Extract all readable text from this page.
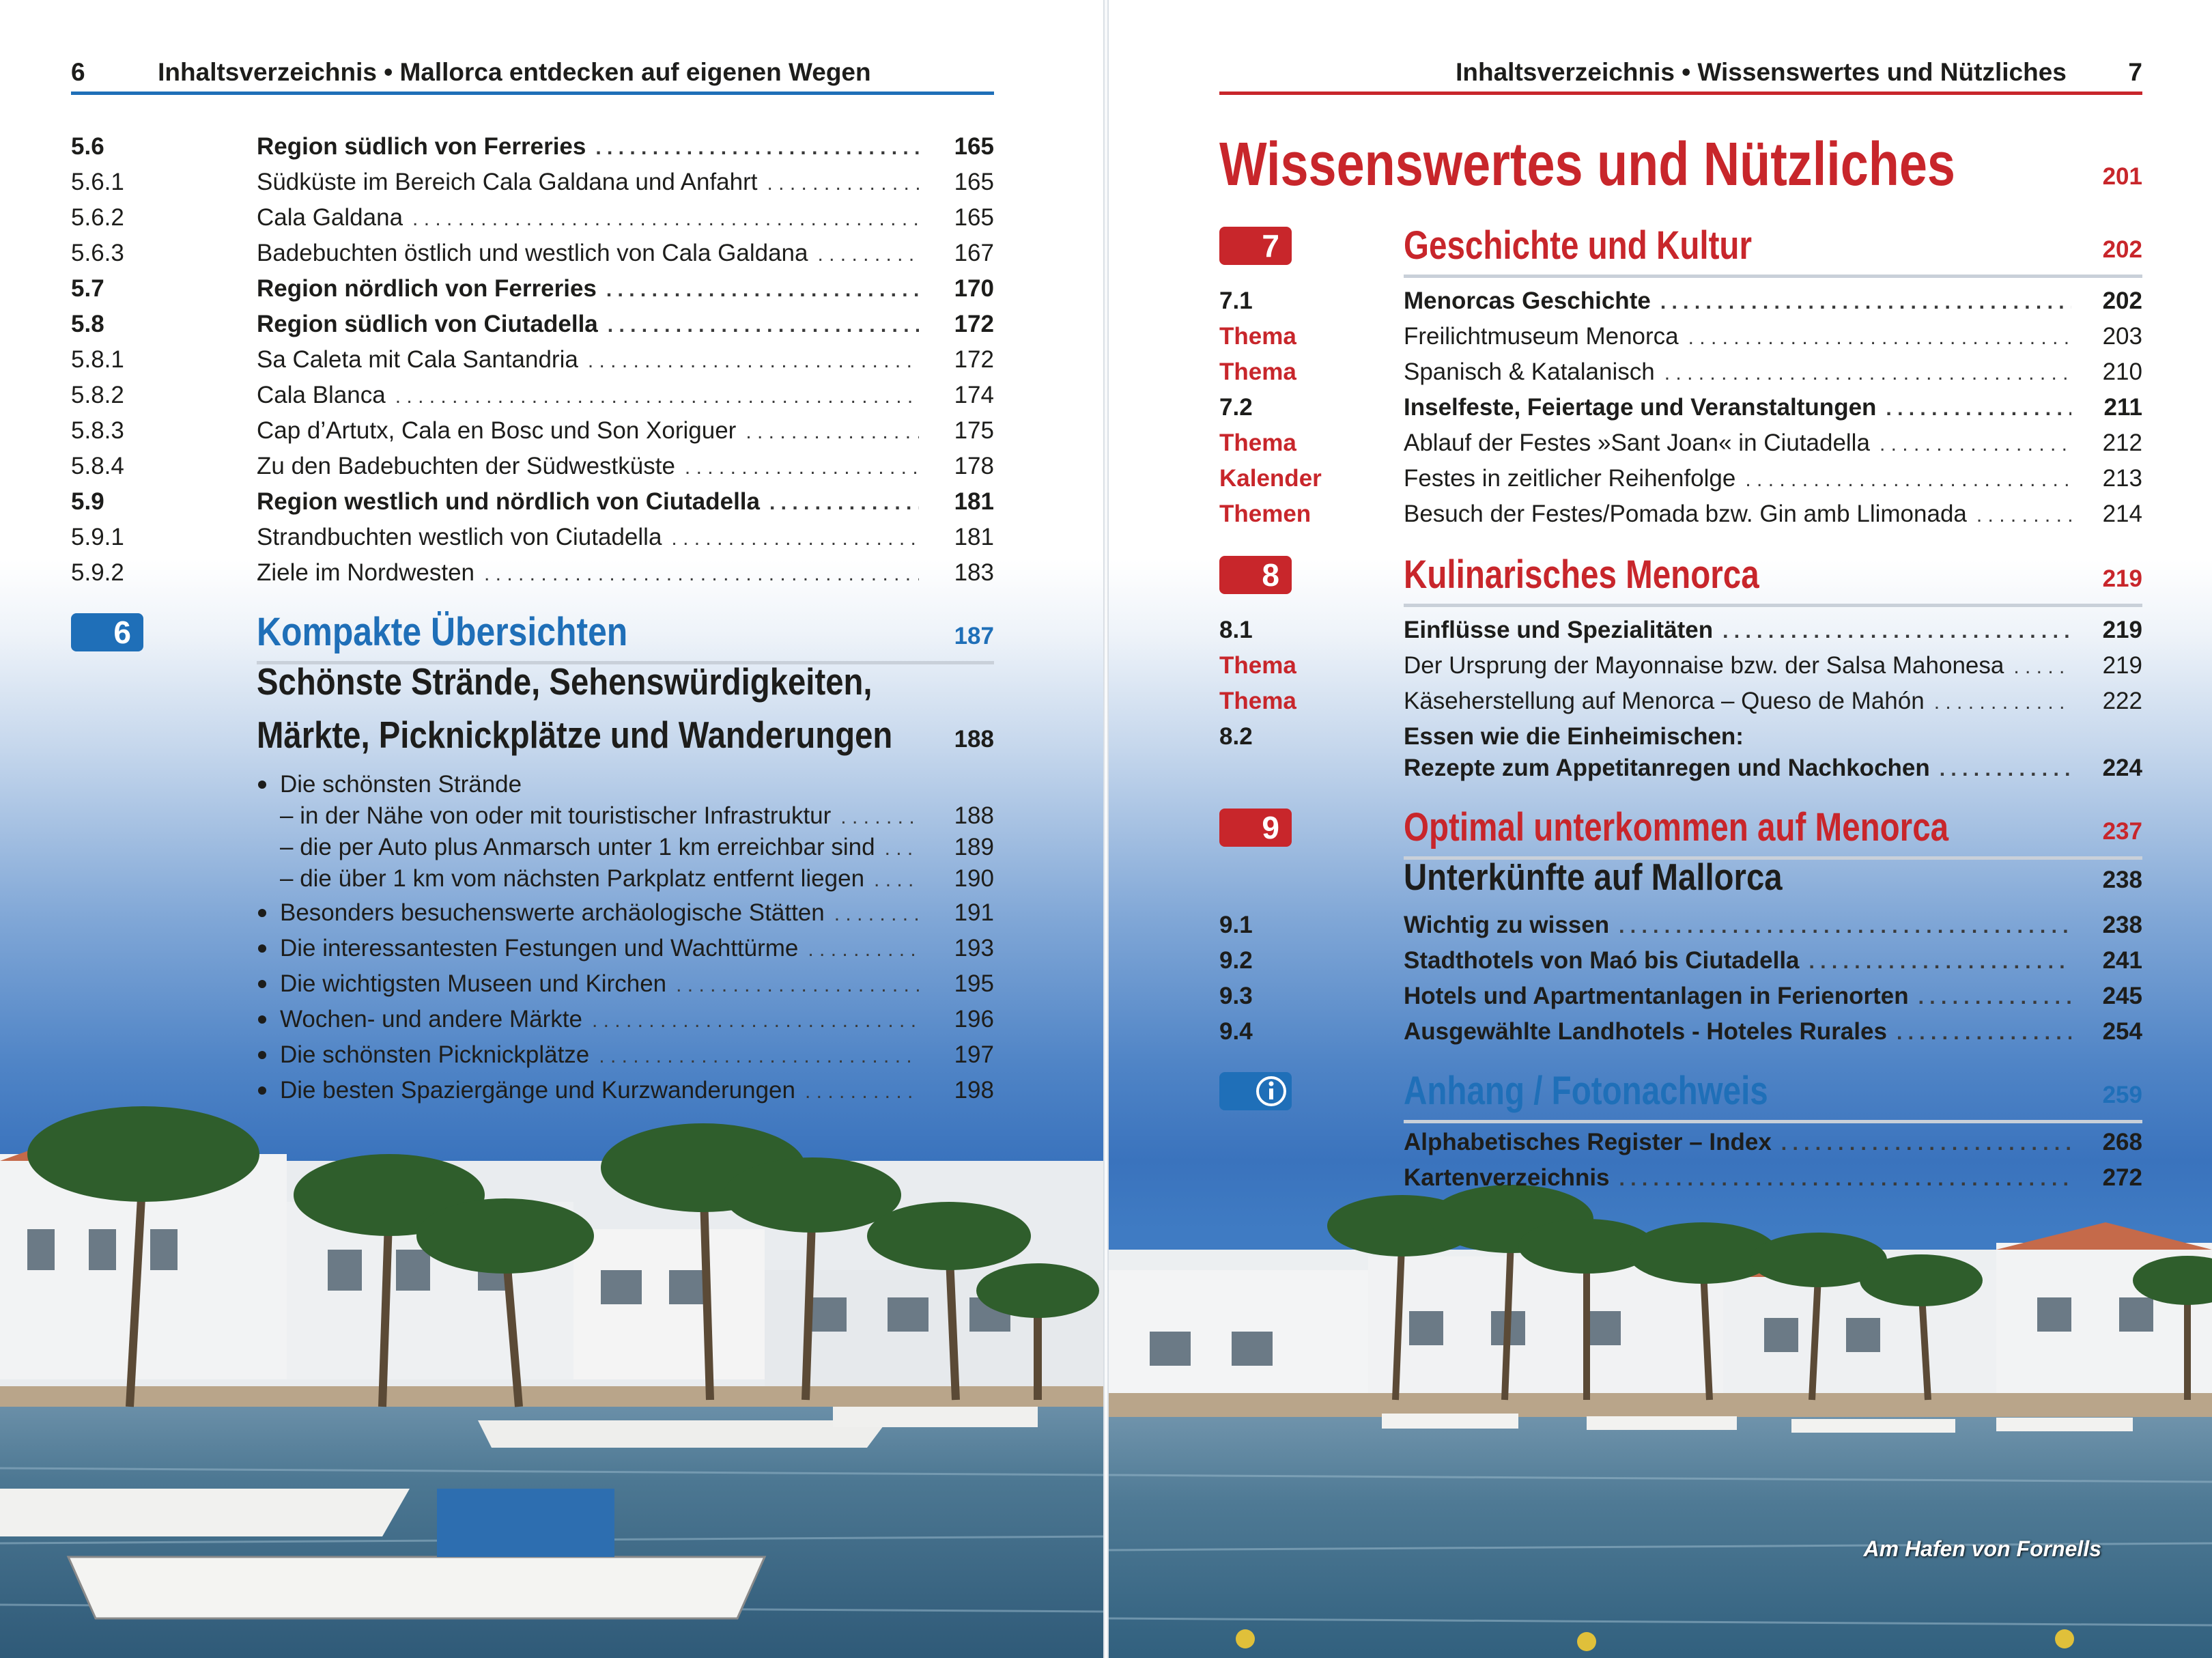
6	Inhaltsverzeichnis • Mallorca entdecken auf eigenen Wegen
5.6	Region südlich von Ferreries . . .	165
5.6.1	Südküste im Bereich Cala Galdana und Anfahrt . . .	165
5.6.2	Cala Galdana . . .	165
5.6.3	Badebuchten östlich und westlich von Cala Galdana . . .	167
5.7	Region nördlich von Ferreries . . .	170
5.8	Region südlich von Ciutadella . . .	172
5.8.1	Sa Caleta mit Cala Santandria . . .	172
5.8.2	Cala Blanca . . .	174
5.8.3	Cap d’Artutx, Cala en Bosc und Son Xoriguer . . .	175
5.8.4	Zu den Badebuchten der Südwestküste . . .	178
5.9	Region westlich und nördlich von Ciutadella . . .	181
5.9.1	Strandbuchten westlich von Ciutadella . . .	181
5.9.2	Ziele im Nordwesten . . .	183
6	Kompakte Übersichten	187
Schönste Strände, Sehenswürdigkeiten,
Märkte, Picknickplätze und Wanderungen	188
Die schönsten Strände
– in der Nähe von oder mit touristischer Infrastruktur . . .	188
– die per Auto plus Anmarsch unter 1 km erreichbar sind . . .	189
– die über 1 km vom nächsten Parkplatz entfernt liegen . . .	190
Besonders besuchenswerte archäologische Stätten . . .	191
Die interessantesten Festungen und Wachttürme . . .	193
Die wichtigsten Museen und Kirchen . . .	195
Wochen- und andere Märkte . . .	196
Die schönsten Picknickplätze . . .	197
Die besten Spaziergänge und Kurzwanderungen . . .	198
Inhaltsverzeichnis • Wissenswertes und Nützliches 7
Wissenswertes und Nützliches	201
7	Geschichte und Kultur	202
7.1	Menorcas Geschichte . . .	202
Thema	Freilichtmuseum Menorca . . .	203
Thema	Spanisch & Katalanisch . . .	210
7.2	Inselfeste, Feiertage und Veranstaltungen . . .	211
Thema	Ablauf der Festes »Sant Joan« in Ciutadella . . .	212
Kalender	Festes in zeitlicher Reihenfolge . . .	213
Themen	Besuch der Festes/Pomada bzw. Gin amb Llimonada . . .	214
8	Kulinarisches Menorca	219
8.1	Einflüsse und Spezialitäten . . .	219
Thema	Der Ursprung der Mayonnaise bzw. der Salsa Mahonesa . . .	219
Thema	Käseherstellung auf Menorca – Queso de Mahón . . .	222
8.2	Essen wie die Einheimischen:
Rezepte zum Appetitanregen und Nachkochen . . .	224
9	Optimal unterkommen auf Menorca	237
Unterkünfte auf Mallorca	238
9.1	Wichtig zu wissen . . .	238
9.2	Stadthotels von Maó bis Ciutadella . . .	241
9.3	Hotels und Apartmentanlagen in Ferienorten . . .	245
9.4	Ausgewählte Landhotels - Hoteles Rurales . . .	254
Anhang / Fotonachweis	259
Alphabetisches Register – Index . . .	268
Kartenverzeichnis . . .	272
Am Hafen von Fornells
